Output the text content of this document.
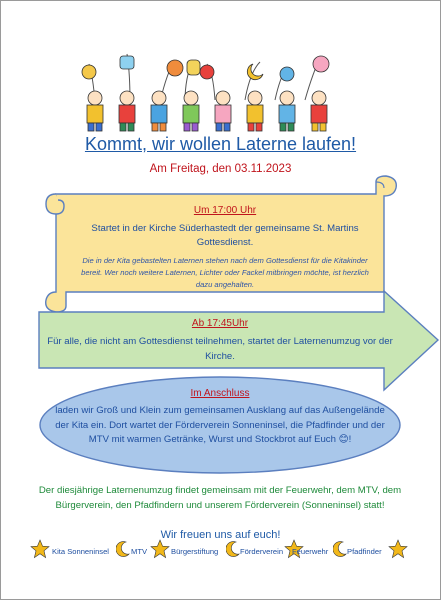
Kommt, wir wollen Laterne laufen!
Am Freitag, den 03.11.2023
Um 17:00 Uhr
Startet in der Kirche Süderhastedt der gemeinsame St. Martins Gottesdienst.
Die in der Kita gebastelten Laternen stehen nach dem Gottesdienst für die Kitakinder bereit. Wer noch weitere Laternen, Lichter oder Fackel mitbringen möchte, ist herzlich dazu angehalten.
Ab 17:45Uhr
Für alle, die nicht am Gottesdienst teilnehmen, startet der Laternenumzug vor der Kirche.
Im Anschluss
laden wir Groß und Klein zum gemeinsamen Ausklang auf das Außengelände der Kita ein. Dort wartet der Förderverein Sonneninsel, die Pfadfinder und der MTV mit warmen Getränke, Wurst und Stockbrot auf Euch 😊!
Der diesjährige Laternenumzug findet gemeinsam mit der Feuerwehr, dem MTV, dem Bürgerverein, den Pfadfindern und unserem Förderverein (Sonneninsel) statt!
Wir freuen uns auf euch!
Kita Sonneninsel	MTV	Bürgerstiftung	Förderverein Feuerwehr Pfadfinder
